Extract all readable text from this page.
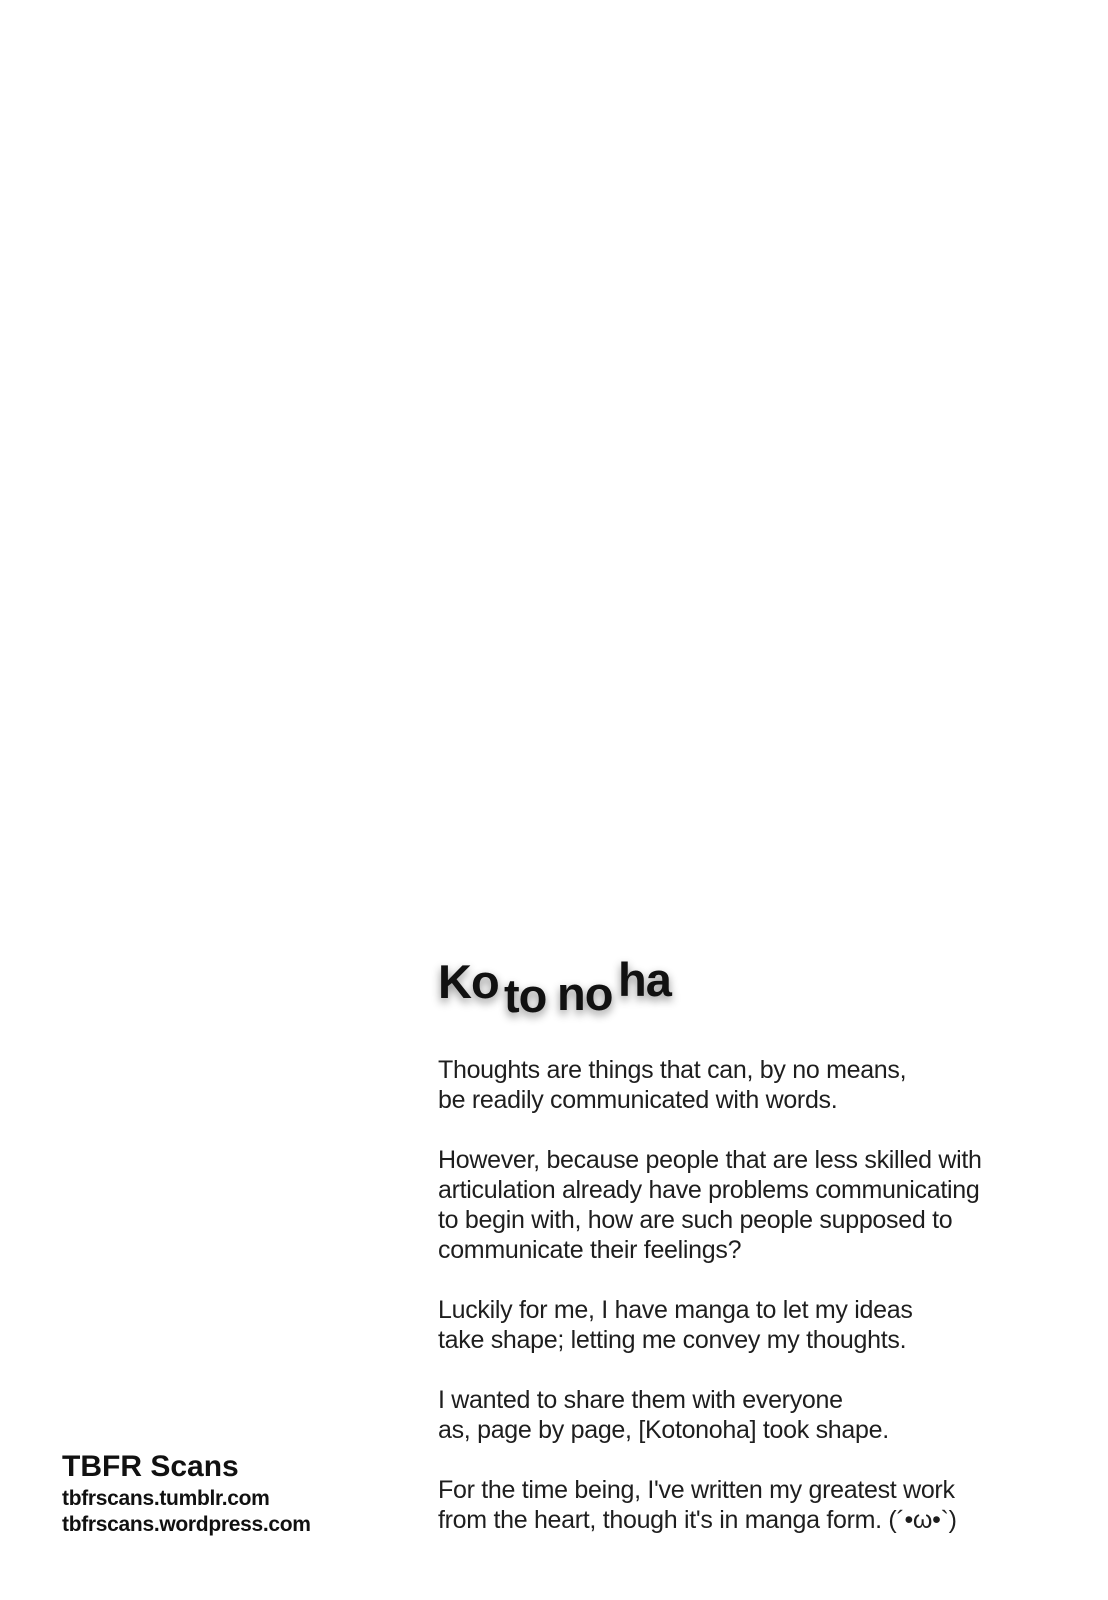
Ko to no ha

Thoughts are things that can, by no means,
be readily communicated with words.

However, because people that are less skilled with
articulation already have problems communicating
to begin with, how are such people supposed to
communicate their feelings?

Luckily for me, I have manga to let my ideas
take shape; letting me convey my thoughts.

I wanted to share them with everyone
as, page by page, [Kotonoha] took shape.

For the time being, I've written my greatest work
from the heart, though it's in manga form. (´•ω•`)

TBFR Scans
tbfrscans.tumblr.com
tbfrscans.wordpress.com
